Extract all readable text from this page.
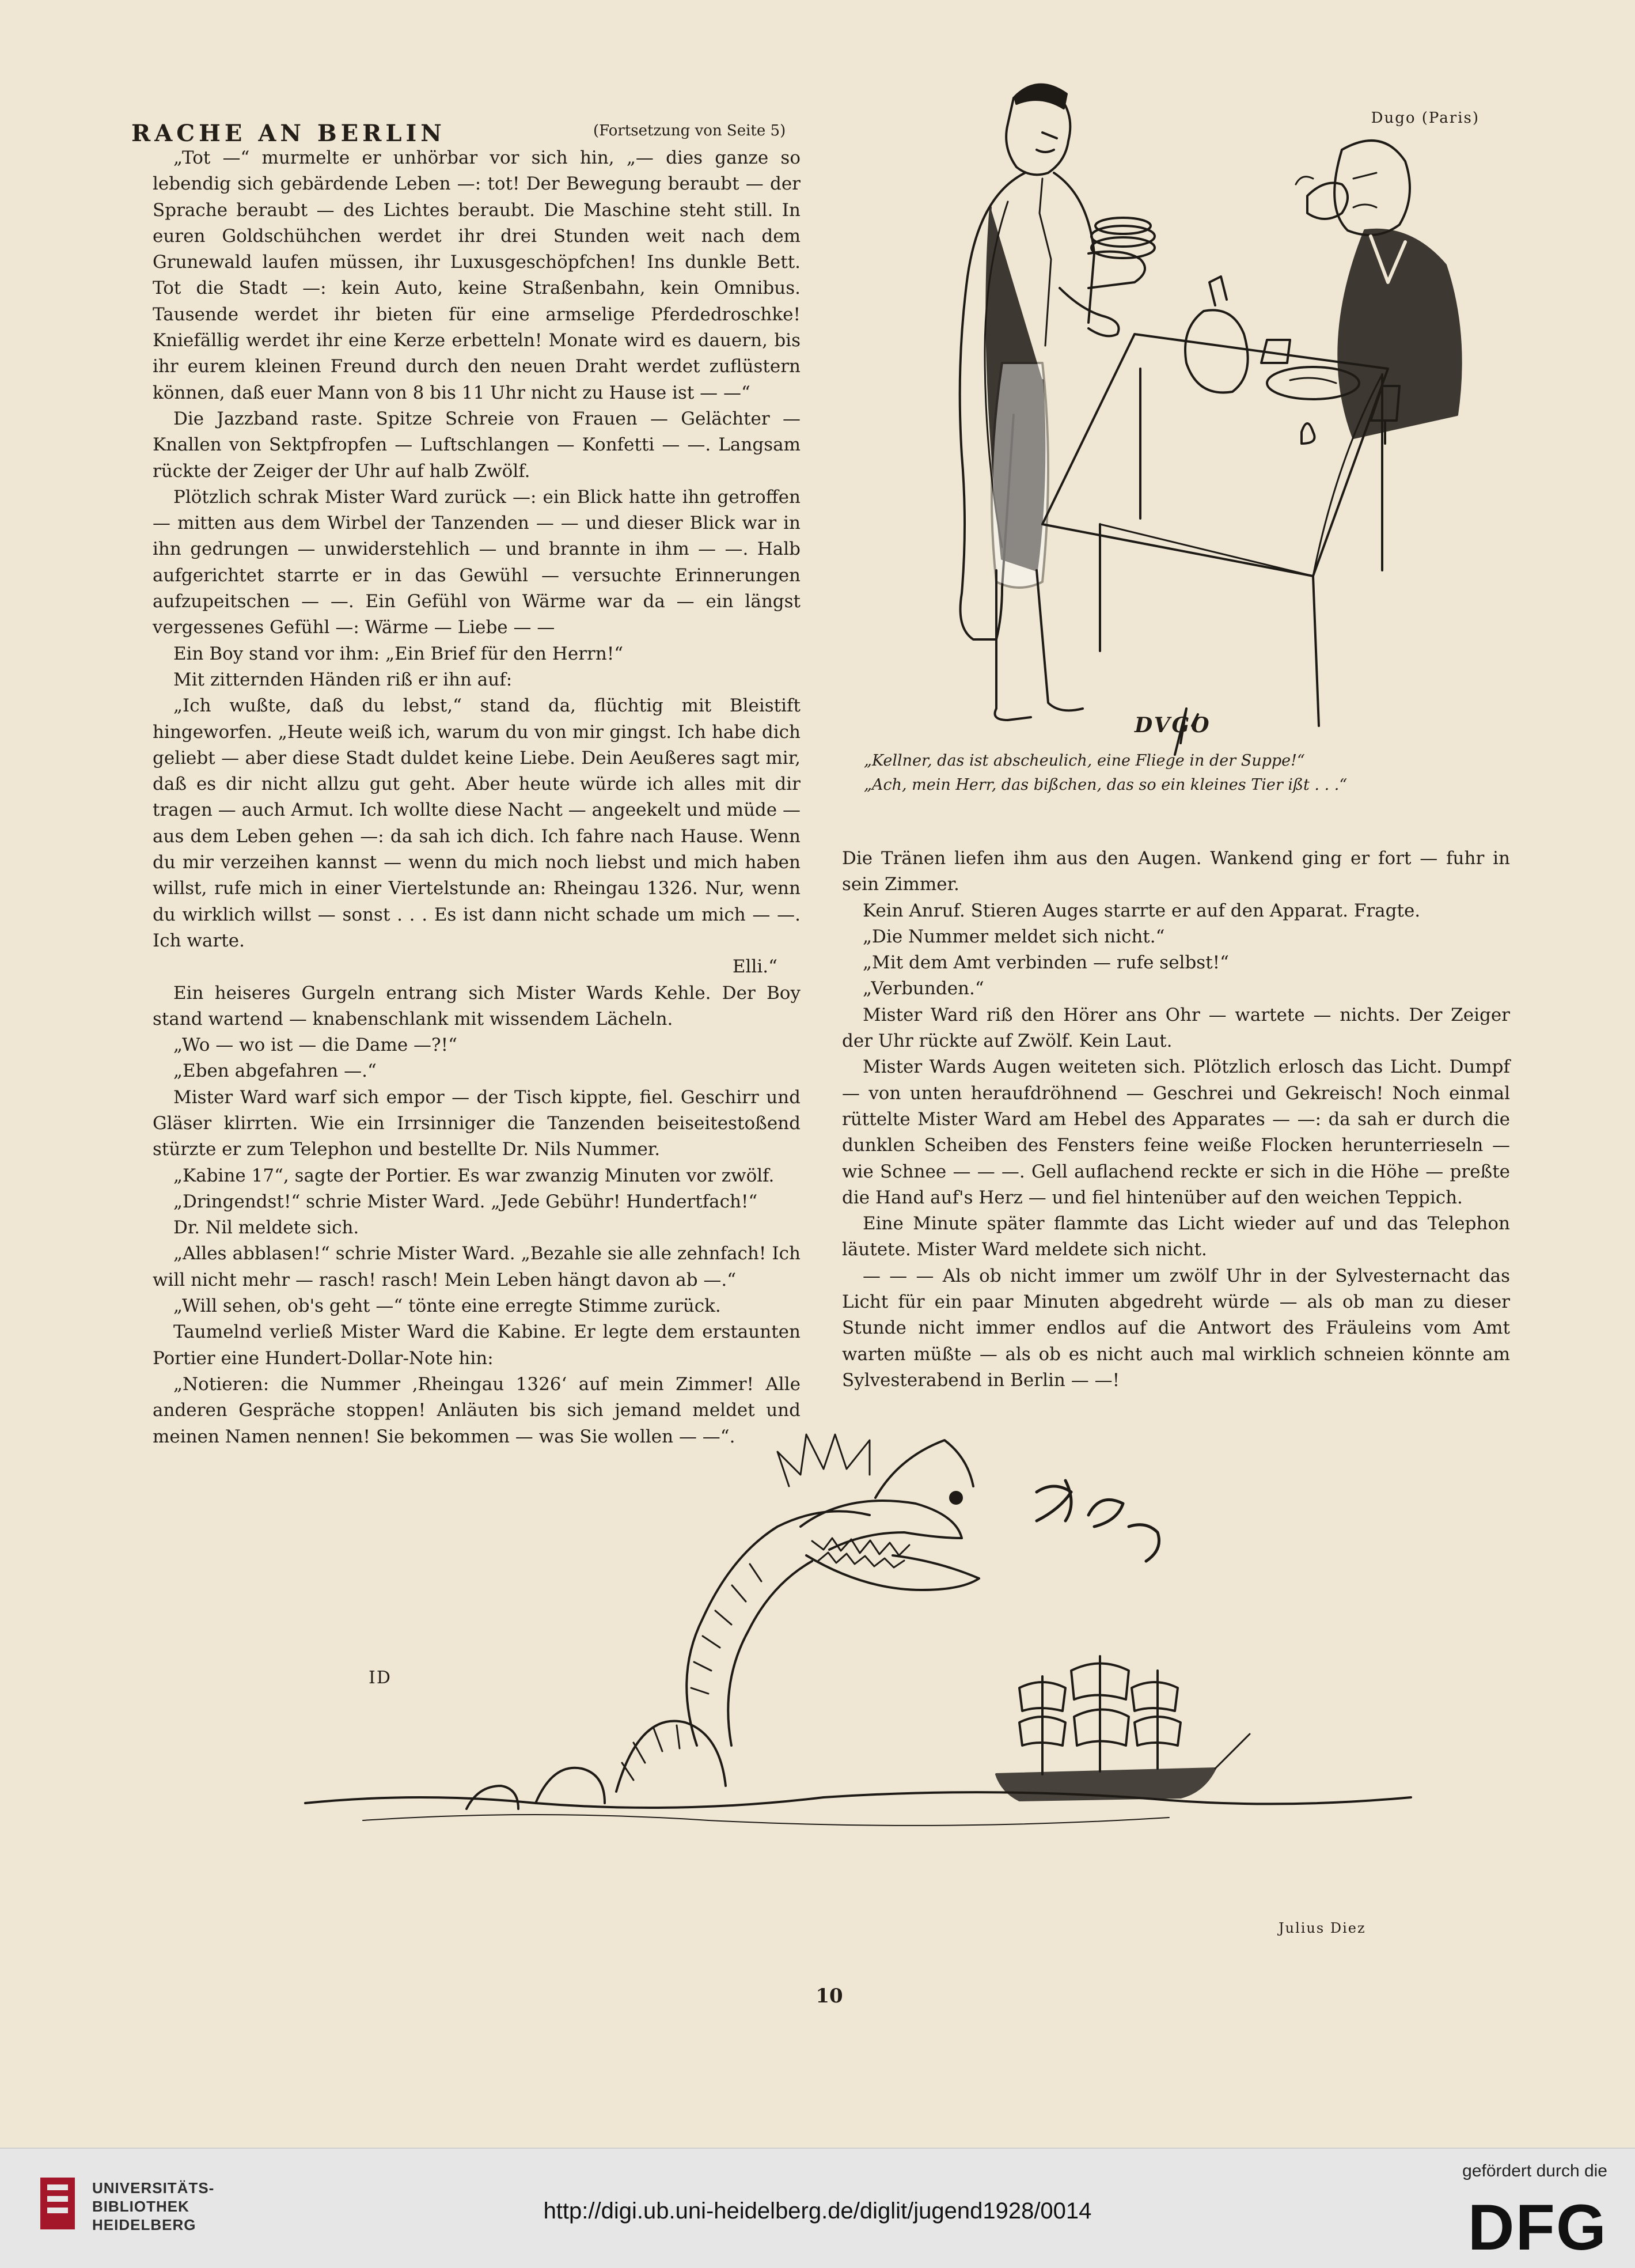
RACHE AN BERLIN	(Fortsetzung von Seite 5)
Dugo (Paris)

„Tot —“ murmelte er unhörbar vor sich hin, „— dies ganze so lebendig sich gebärdende Leben —: tot! Der Bewegung beraubt — der Sprache beraubt — des Lichtes beraubt. Die Maschine steht still. In euren Goldschühchen werdet ihr drei Stunden weit nach dem Grunewald laufen müssen, ihr Luxusgeschöpfchen! Ins dunkle Bett. Tot die Stadt —: kein Auto, keine Straßenbahn, kein Omnibus. Tausende werdet ihr bieten für eine armselige Pferdedroschke! Kniefällig werdet ihr eine Kerze erbetteln! Monate wird es dauern, bis ihr eurem kleinen Freund durch den neuen Draht werdet zuflüstern können, daß euer Mann von 8 bis 11 Uhr nicht zu Hause ist — —“

Die Jazzband raste. Spitze Schreie von Frauen — Gelächter — Knallen von Sektpfropfen — Luftschlangen — Konfetti — —. Langsam rückte der Zeiger der Uhr auf halb Zwölf.

Plötzlich schrak Mister Ward zurück —: ein Blick hatte ihn getroffen — mitten aus dem Wirbel der Tanzenden — — und dieser Blick war in ihn gedrungen — unwiderstehlich — und brannte in ihm — —. Halb aufgerichtet starrte er in das Gewühl — versuchte Erinnerungen aufzupeitschen — —. Ein Gefühl von Wärme war da — ein längst vergessenes Gefühl —: Wärme — Liebe — —

Ein Boy stand vor ihm: „Ein Brief für den Herrn!“

Mit zitternden Händen riß er ihn auf:

„Ich wußte, daß du lebst,“ stand da, flüchtig mit Bleistift hingeworfen. „Heute weiß ich, warum du von mir gingst. Ich habe dich geliebt — aber diese Stadt duldet keine Liebe. Dein Aeußeres sagt mir, daß es dir nicht allzu gut geht. Aber heute würde ich alles mit dir tragen — auch Armut. Ich wollte diese Nacht — angeekelt und müde — aus dem Leben gehen —: da sah ich dich. Ich fahre nach Hause. Wenn du mir verzeihen kannst — wenn du mich noch liebst und mich haben willst, rufe mich in einer Viertelstunde an: Rheingau 1326. Nur, wenn du wirklich willst — sonst . . . Es ist dann nicht schade um mich — —. Ich warte.

Elli.“

Ein heiseres Gurgeln entrang sich Mister Wards Kehle. Der Boy stand wartend — knabenschlank mit wissendem Lächeln.

„Wo — wo ist — die Dame —?!“

„Eben abgefahren —.“

Mister Ward warf sich empor — der Tisch kippte, fiel. Geschirr und Gläser klirrten. Wie ein Irrsinniger die Tanzenden beiseitestoßend stürzte er zum Telephon und bestellte Dr. Nils Nummer.

„Kabine 17“, sagte der Portier. Es war zwanzig Minuten vor zwölf.

„Dringendst!“ schrie Mister Ward. „Jede Gebühr! Hundertfach!“

Dr. Nil meldete sich.

„Alles abblasen!“ schrie Mister Ward. „Bezahle sie alle zehnfach! Ich will nicht mehr — rasch! rasch! Mein Leben hängt davon ab —.“

„Will sehen, ob's geht —“ tönte eine erregte Stimme zurück.

Taumelnd verließ Mister Ward die Kabine. Er legte dem erstaunten Portier eine Hundert-Dollar-Note hin:

„Notieren: die Nummer ‚Rheingau 1326‘ auf mein Zimmer! Alle anderen Gespräche stoppen! Anläuten bis sich jemand meldet und meinen Namen nennen! Sie bekommen — was Sie wollen — —“.

DVGO
„Kellner, das ist abscheulich, eine Fliege in der Suppe!“
„Ach, mein Herr, das bißchen, das so ein kleines Tier ißt . . .“

Die Tränen liefen ihm aus den Augen. Wankend ging er fort — fuhr in sein Zimmer.

Kein Anruf. Stieren Auges starrte er auf den Apparat. Fragte.

„Die Nummer meldet sich nicht.“

„Mit dem Amt verbinden — rufe selbst!“

„Verbunden.“

Mister Ward riß den Hörer ans Ohr — wartete — nichts. Der Zeiger der Uhr rückte auf Zwölf. Kein Laut.

Mister Wards Augen weiteten sich. Plötzlich erlosch das Licht. Dumpf — von unten heraufdröhnend — Geschrei und Gekreisch! Noch einmal rüttelte Mister Ward am Hebel des Apparates — —: da sah er durch die dunklen Scheiben des Fensters feine weiße Flocken herunterrieseln — wie Schnee — — —. Gell auflachend reckte er sich in die Höhe — preßte die Hand auf's Herz — und fiel hintenüber auf den weichen Teppich.

Eine Minute später flammte das Licht wieder auf und das Telephon läutete. Mister Ward meldete sich nicht.

— — — Als ob nicht immer um zwölf Uhr in der Sylvesternacht das Licht für ein paar Minuten abgedreht würde — als ob man zu dieser Stunde nicht immer endlos auf die Antwort des Fräuleins vom Amt warten müßte — als ob es nicht auch mal wirklich schneien könnte am Sylvesterabend in Berlin — —!

ID
Julius Diez
10
UNIVERSITÄTS-
BIBLIOTHEK
HEIDELBERG
http://digi.ub.uni-heidelberg.de/diglit/jugend1928/0014
gefördert durch die
DFG
